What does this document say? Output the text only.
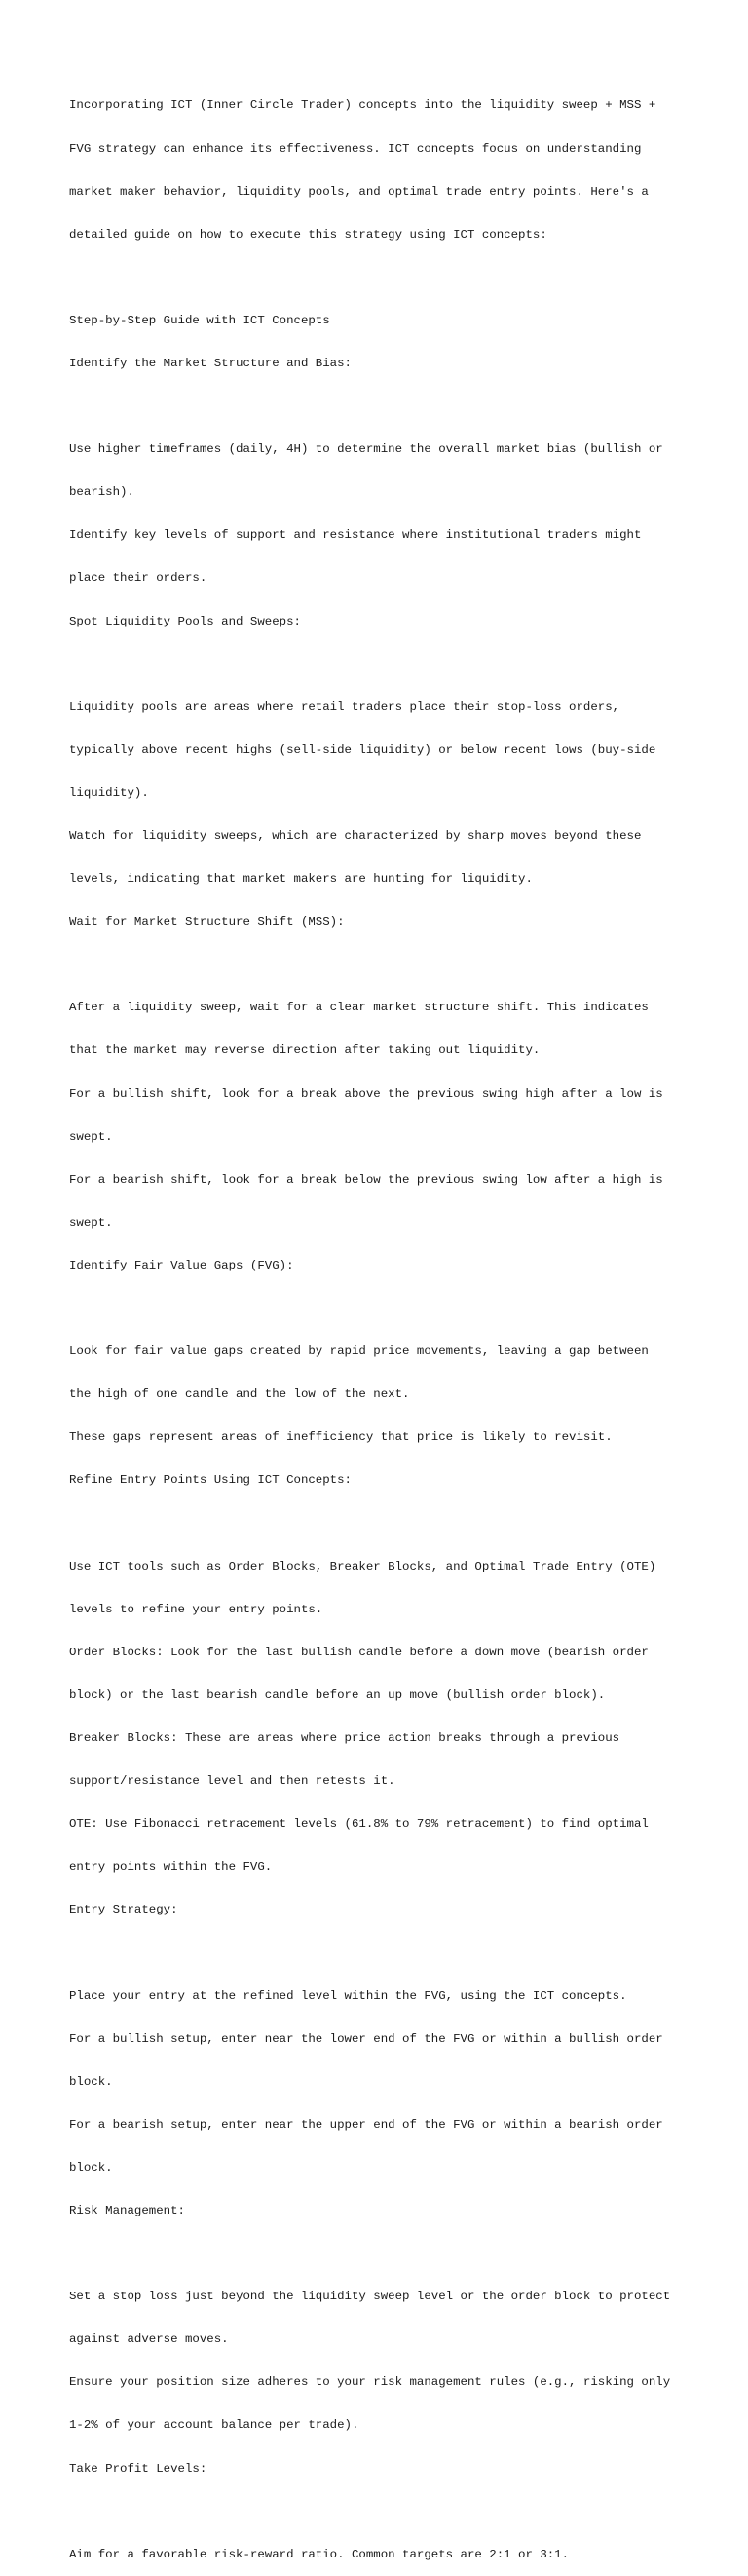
Incorporating ICT (Inner Circle Trader) concepts into the liquidity sweep + MSS +

FVG strategy can enhance its effectiveness. ICT concepts focus on understanding

market maker behavior, liquidity pools, and optimal trade entry points. Here's a

detailed guide on how to execute this strategy using ICT concepts:

Step-by-Step Guide with ICT Concepts

Identify the Market Structure and Bias:

Use higher timeframes (daily, 4H) to determine the overall market bias (bullish or

bearish).

Identify key levels of support and resistance where institutional traders might

place their orders.

Spot Liquidity Pools and Sweeps:

Liquidity pools are areas where retail traders place their stop-loss orders,

typically above recent highs (sell-side liquidity) or below recent lows (buy-side

liquidity).

Watch for liquidity sweeps, which are characterized by sharp moves beyond these

levels, indicating that market makers are hunting for liquidity.

Wait for Market Structure Shift (MSS):

After a liquidity sweep, wait for a clear market structure shift. This indicates

that the market may reverse direction after taking out liquidity.

For a bullish shift, look for a break above the previous swing high after a low is

swept.

For a bearish shift, look for a break below the previous swing low after a high is

swept.

Identify Fair Value Gaps (FVG):

Look for fair value gaps created by rapid price movements, leaving a gap between

the high of one candle and the low of the next.

These gaps represent areas of inefficiency that price is likely to revisit.

Refine Entry Points Using ICT Concepts:

Use ICT tools such as Order Blocks, Breaker Blocks, and Optimal Trade Entry (OTE)

levels to refine your entry points.

Order Blocks: Look for the last bullish candle before a down move (bearish order

block) or the last bearish candle before an up move (bullish order block).

Breaker Blocks: These are areas where price action breaks through a previous

support/resistance level and then retests it.

OTE: Use Fibonacci retracement levels (61.8% to 79% retracement) to find optimal

entry points within the FVG.

Entry Strategy:

Place your entry at the refined level within the FVG, using the ICT concepts.

For a bullish setup, enter near the lower end of the FVG or within a bullish order

block.

For a bearish setup, enter near the upper end of the FVG or within a bearish order

block.

Risk Management:

Set a stop loss just beyond the liquidity sweep level or the order block to protect

against adverse moves.

Ensure your position size adheres to your risk management rules (e.g., risking only

1-2% of your account balance per trade).

Take Profit Levels:

Aim for a favorable risk-reward ratio. Common targets are 2:1 or 3:1.
